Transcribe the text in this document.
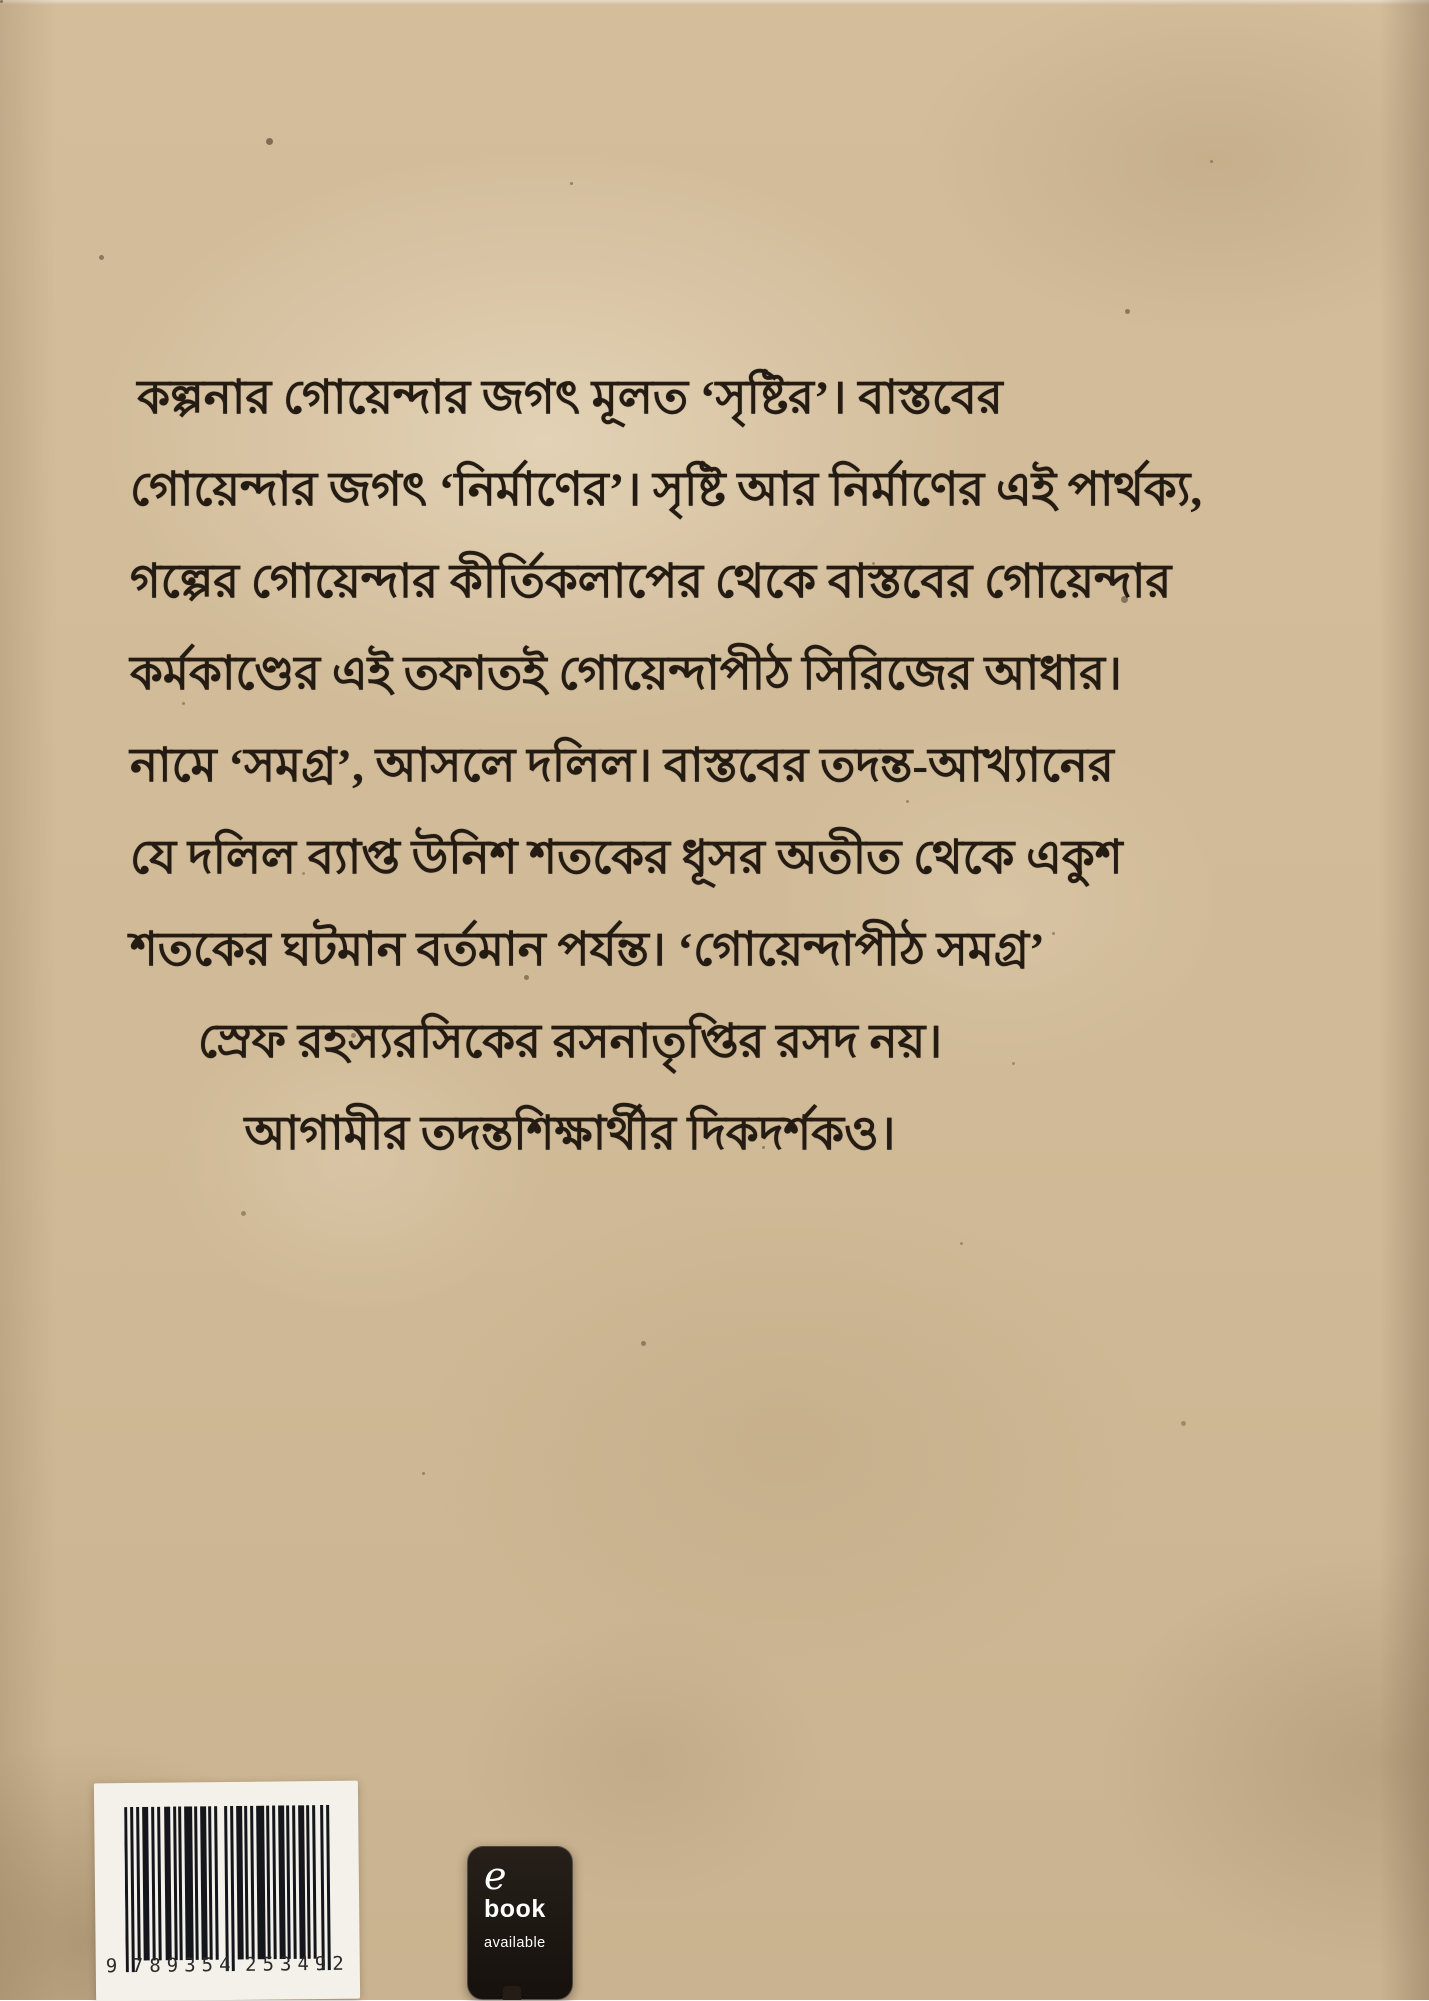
কল্পনার গোয়েন্দার জগৎ মূলত ‘সৃষ্টির’। বাস্তবের
গোয়েন্দার জগৎ ‘নির্মাণের’। সৃষ্টি আর নির্মাণের এই পার্থক্য,
গল্পের গোয়েন্দার কীর্তিকলাপের থেকে বাস্তবের গোয়েন্দার
কর্মকাণ্ডের এই তফাতই গোয়েন্দাপীঠ সিরিজের আধার।
নামে ‘সমগ্র’, আসলে দলিল। বাস্তবের তদন্ত-আখ্যানের
যে দলিল ব্যাপ্ত উনিশ শতকের ধূসর অতীত থেকে একুশ
শতকের ঘটমান বর্তমান পর্যন্ত। ‘গোয়েন্দাপীঠ সমগ্র’
স্রেফ রহস্যরসিকের রসনাতৃপ্তির রসদ নয়।
আগামীর তদন্তশিক্ষার্থীর দিকদর্শকও।
9 789354 253492
e
book
available
